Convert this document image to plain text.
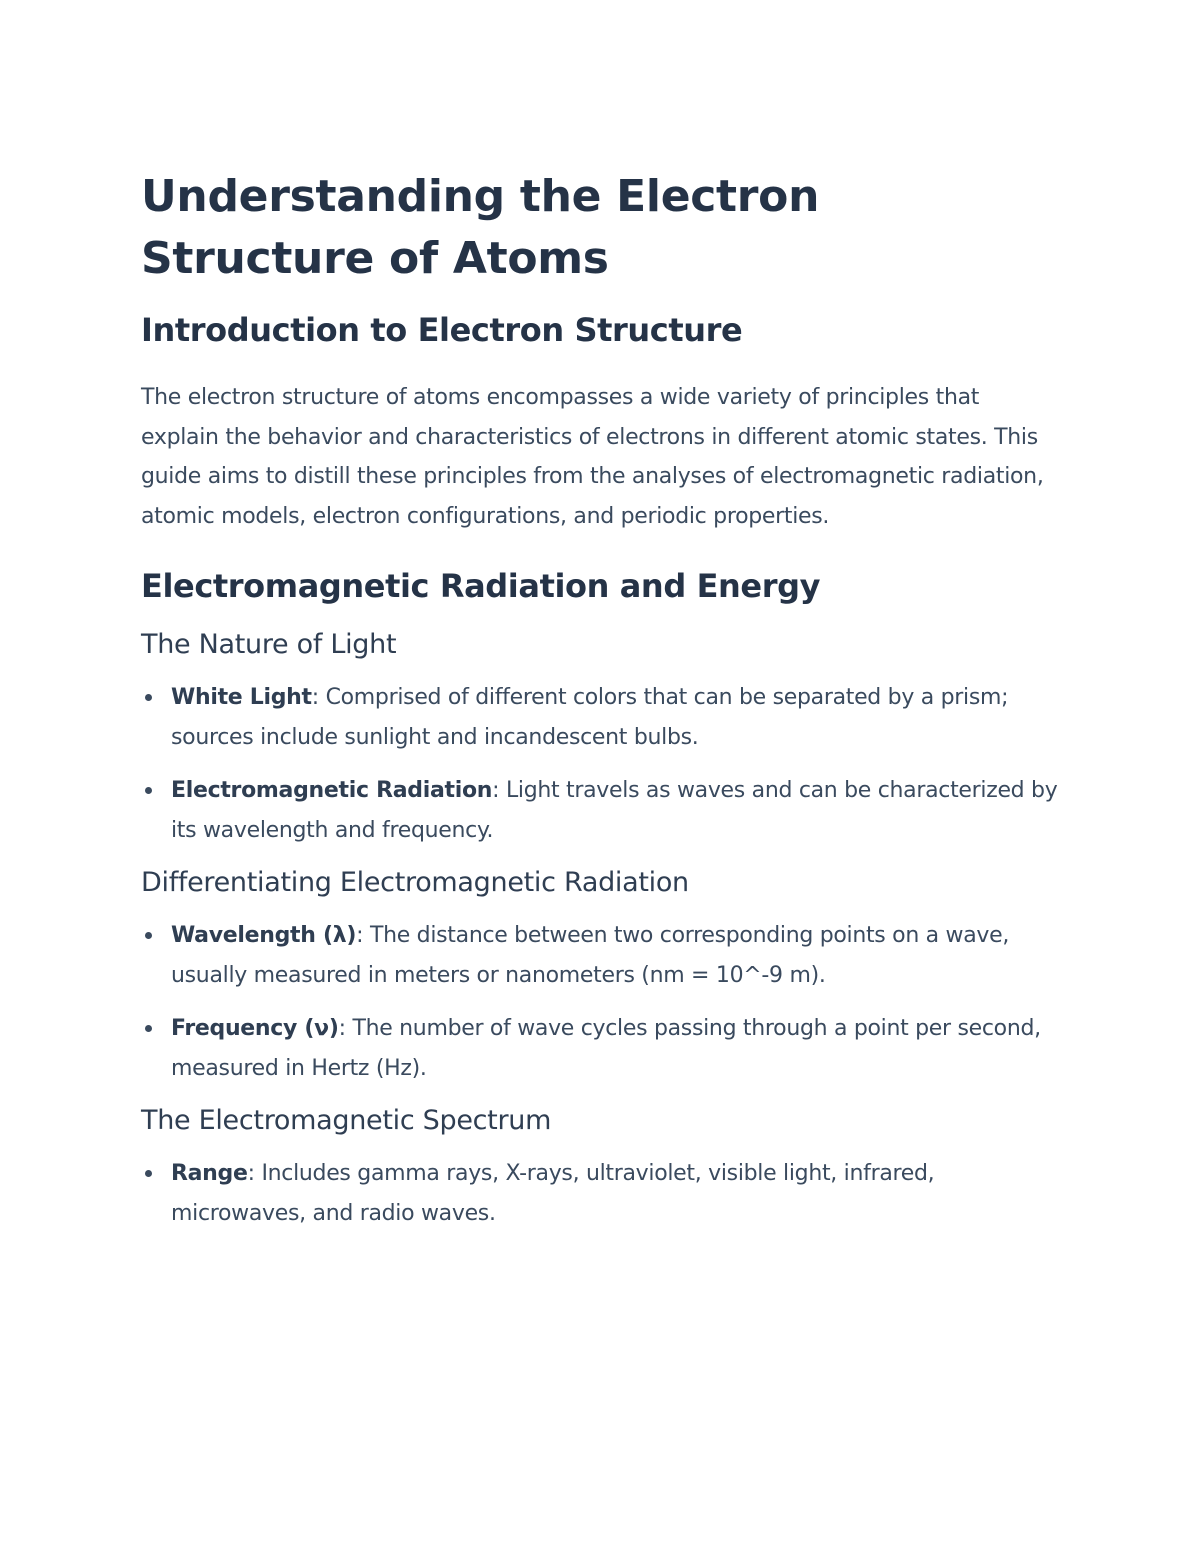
Understanding the Electron Structure of Atoms
Introduction to Electron Structure

The electron structure of atoms encompasses a wide variety of principles that explain the behavior and characteristics of electrons in different atomic states. This guide aims to distill these principles from the analyses of electromagnetic radiation, atomic models, electron configurations, and periodic properties.

Electromagnetic Radiation and Energy
The Nature of Light
White Light: Comprised of different colors that can be separated by a prism; sources include sunlight and incandescent bulbs.
Electromagnetic Radiation: Light travels as waves and can be characterized by its wavelength and frequency.
Differentiating Electromagnetic Radiation
Wavelength (λ): The distance between two corresponding points on a wave, usually measured in meters or nanometers (nm = 10^-9 m).
Frequency (ν): The number of wave cycles passing through a point per second, measured in Hertz (Hz).
The Electromagnetic Spectrum
Range: Includes gamma rays, X-rays, ultraviolet, visible light, infrared, microwaves, and radio waves.
